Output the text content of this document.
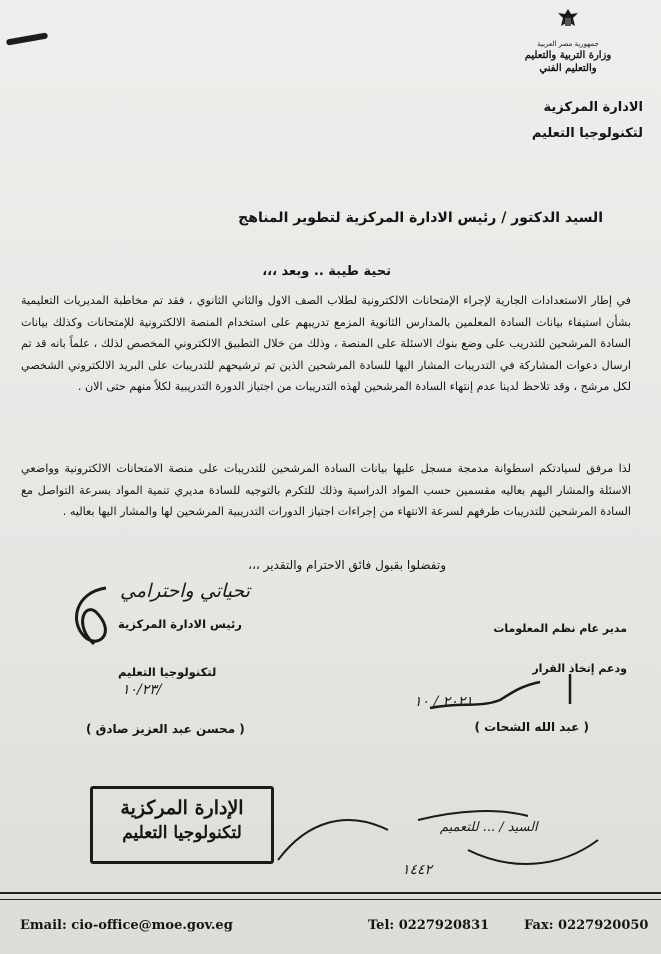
جمهورية مصر العربية
وزارة التربية والتعليم
والتعليم الفني
الادارة المركزية
لتكنولوجيا التعليم
السيد الدكتور / رئيس الادارة المركزية لتطوير المناهج
تحية طيبة .. وبعد ،،،
في إطار الاستعدادات الجارية لإجراء الإمتحانات الالكترونية لطلاب الصف الاول والثاني الثانوي ، فقد تم مخاطبة المديريات التعليمية بشأن استيفاء بيانات السادة المعلمين بالمدارس الثانوية المزمع تدريبهم على استخدام المنصة الالكترونية للإمتحانات وكذلك بيانات السادة المرشحين للتدريب على وضع بنوك الاسئلة على المنصة ، وذلك من خلال التطبيق الالكتروني المخصص لذلك ، علماً بانه قد تم ارسال دعوات المشاركة في التدريبات المشار اليها للسادة المرشحين الذين تم ترشيحهم للتدريبات على البريد الالكتروني الشخصي لكل مرشح ، وقد تلاحظ لدينا عدم إنتهاء السادة المرشحين لهذه التدريبات من اجتياز الدورة التدريبية لكلاً منهم حتى الان .
لذا مرفق لسيادتكم اسطوانة مدمجة مسجل عليها بيانات السادة المرشحين للتدريبات على منصة الامتحانات الالكترونية وواضعي الاسئلة والمشار اليهم بعاليه مقسمين حسب المواد الدراسية وذلك للتكرم بالتوجيه للسادة مديري تنمية المواد بسرعة التواصل مع السادة المرشحين للتدريبات طرفهم لسرعة الانتهاء من إجراءات اجتياز الدورات التدريبية المرشحين لها والمشار اليها بعاليه .
وتفضلوا بقبول فائق الاحترام والتقدير ،،،
تحياتي واحترامي
رئيس الادارة المركزية
لتكنولوجيا التعليم
١٠/٢٣/
( محسن عبد العزيز صادق )
مدير عام نظم المعلومات
ودعم إتخاذ القرار
٢٠٢١ / ١٠
( عبد الله الشحات )
الإدارة المركزية
لتكنولوجيا التعليم	السيد / ... للتعميم
١٤٤٢
Email: cio-office@moe.gov.eg	Tel: 0227920831	Fax: 0227920050
